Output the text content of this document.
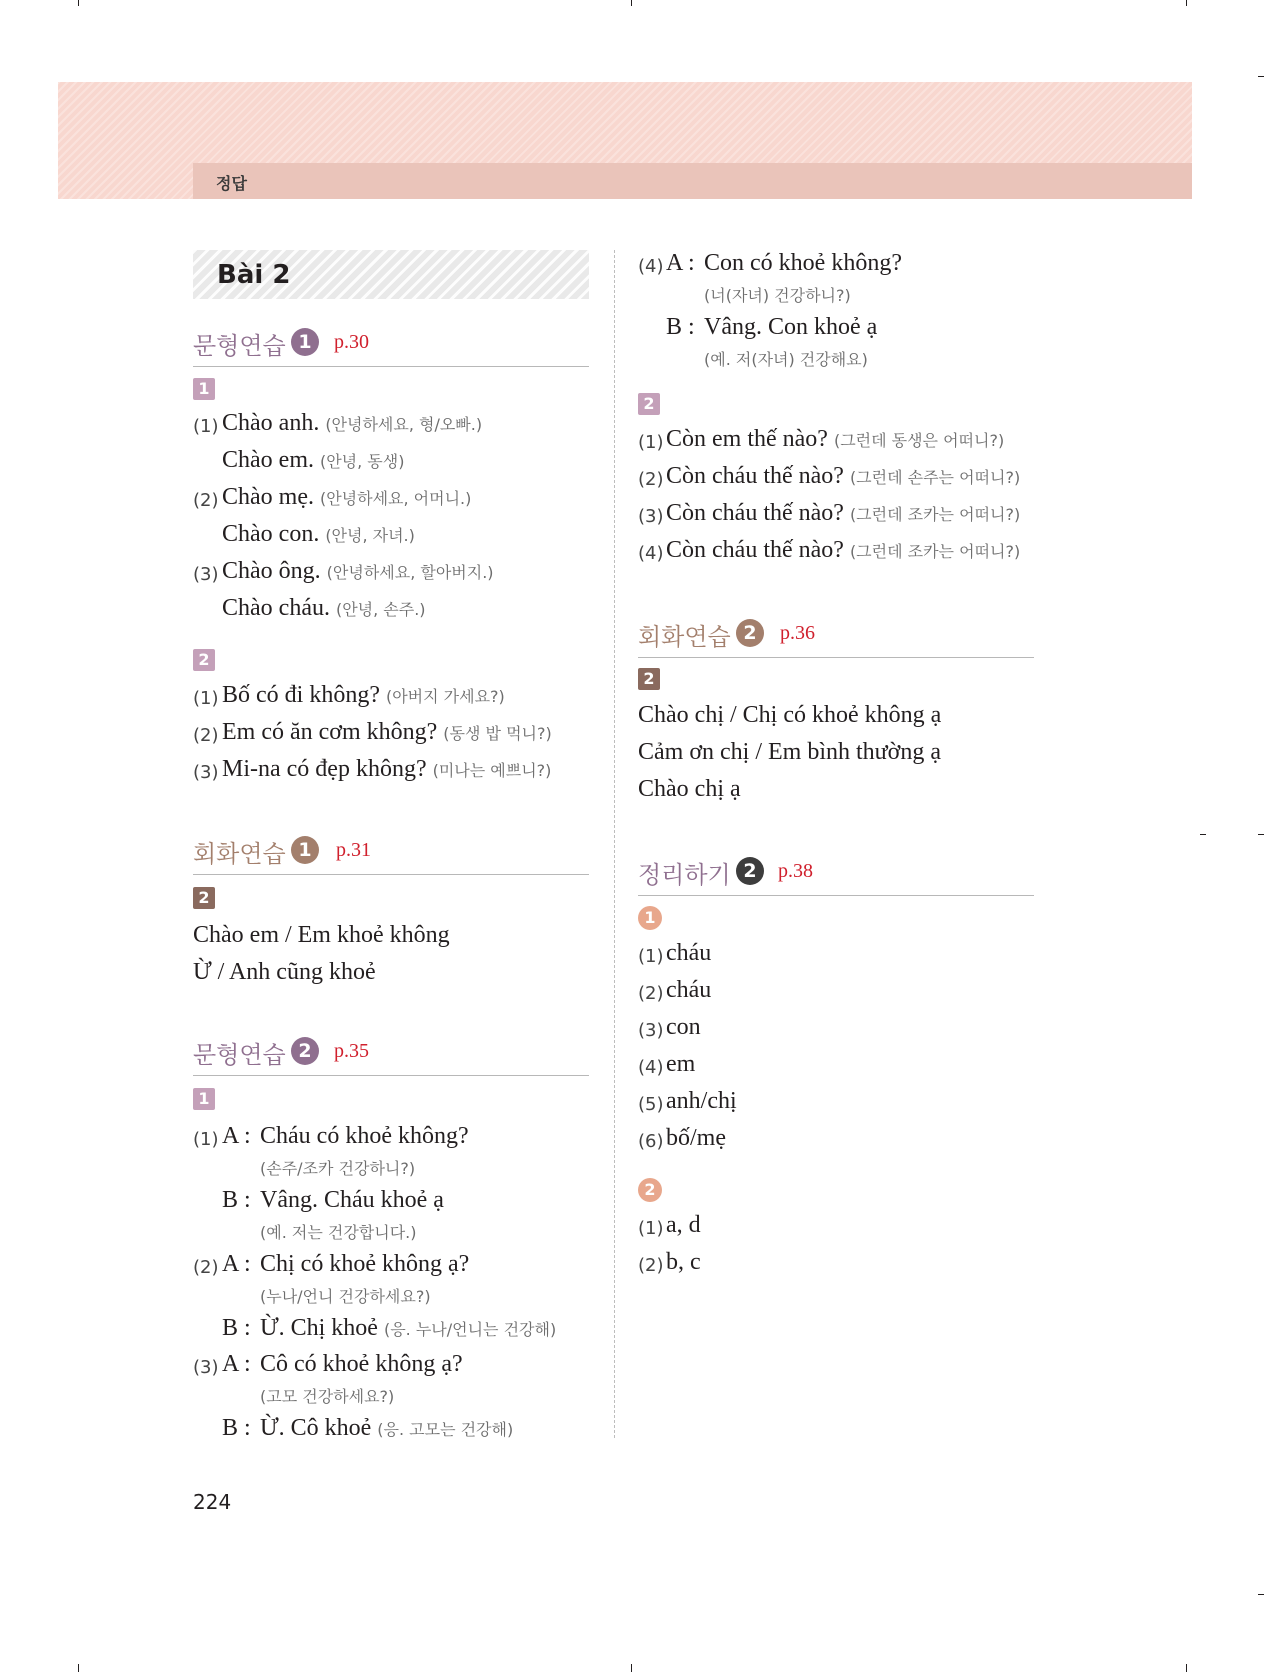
정답
Bài 2
문형연습 1	p.30
1
(1) Chào anh. (안녕하세요, 형/오빠.)
Chào em. (안녕, 동생)
(2) Chào mẹ. (안녕하세요, 어머니.)
Chào con. (안녕, 자녀.)
(3) Chào ông. (안녕하세요, 할아버지.)
Chào cháu. (안녕, 손주.)
2
(1) Bố có đi không? (아버지 가세요?)
(2) Em có ăn cơm không? (동생 밥 먹니?)
(3) Mi-na có đẹp không? (미나는 예쁘니?)
회화연습 1	p.31
2
Chào em / Em khoẻ không
Ừ / Anh cũng khoẻ
문형연습 2	p.35
1
(1) A : Cháu có khoẻ không?
(손주/조카 건강하니?)
B : Vâng. Cháu khoẻ ạ
(예. 저는 건강합니다.)
(2) A : Chị có khoẻ không ạ?
(누나/언니 건강하세요?)
B : Ừ. Chị khoẻ (응. 누나/언니는 건강해)
(3) A : Cô có khoẻ không ạ?
(고모 건강하세요?)
B : Ừ. Cô khoẻ (응. 고모는 건강해)
(4) A : Con có khoẻ không?
(너(자녀) 건강하니?)
B : Vâng. Con khoẻ ạ
(예. 저(자녀) 건강해요)
2
(1) Còn em thế nào? (그런데 동생은 어떠니?)
(2) Còn cháu thế nào? (그런데 손주는 어떠니?)
(3) Còn cháu thế nào? (그런데 조카는 어떠니?)
(4) Còn cháu thế nào? (그런데 조카는 어떠니?)
회화연습 2	p.36
2
Chào chị / Chị có khoẻ không ạ
Cảm ơn chị / Em bình thường ạ
Chào chị ạ
정리하기 2	p.38
1
(1) cháu
(2) cháu
(3) con
(4) em
(5) anh/chị
(6) bố/mẹ
2
(1) a, d
(2) b, c
224
